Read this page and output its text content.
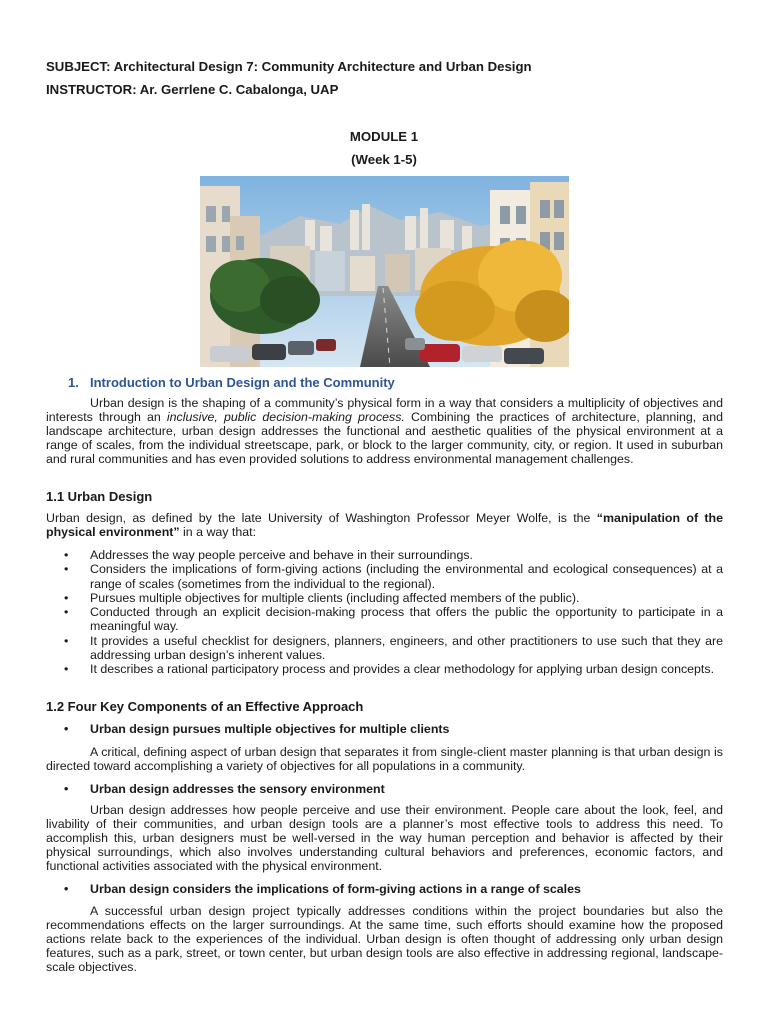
SUBJECT: Architectural Design 7: Community Architecture and Urban Design
INSTRUCTOR: Ar. Gerrlene C. Cabalonga, UAP
MODULE 1
(Week 1-5)
1. Introduction to Urban Design and the Community
Urban design is the shaping of a community’s physical form in a way that considers a multiplicity of objectives and interests through an inclusive, public decision-making process. Combining the practices of architecture, planning, and landscape architecture, urban design addresses the functional and aesthetic qualities of the physical environment at a range of scales, from the individual streetscape, park, or block to the larger community, city, or region. It used in suburban and rural communities and has even provided solutions to address environmental management challenges.
1.1 Urban Design
Urban design, as defined by the late University of Washington Professor Meyer Wolfe, is the “manipulation of the physical environment” in a way that:
• Addresses the way people perceive and behave in their surroundings.
• Considers the implications of form-giving actions (including the environmental and ecological consequences) at a range of scales (sometimes from the individual to the regional).
• Pursues multiple objectives for multiple clients (including affected members of the public).
• Conducted through an explicit decision-making process that offers the public the opportunity to participate in a meaningful way.
• It provides a useful checklist for designers, planners, engineers, and other practitioners to use such that they are addressing urban design’s inherent values.
• It describes a rational participatory process and provides a clear methodology for applying urban design concepts.
1.2 Four Key Components of an Effective Approach
• Urban design pursues multiple objectives for multiple clients
A critical, defining aspect of urban design that separates it from single-client master planning is that urban design is directed toward accomplishing a variety of objectives for all populations in a community.
• Urban design addresses the sensory environment
Urban design addresses how people perceive and use their environment. People care about the look, feel, and livability of their communities, and urban design tools are a planner’s most effective tools to address this need. To accomplish this, urban designers must be well-versed in the way human perception and behavior is affected by their physical surroundings, which also involves understanding cultural behaviors and preferences, economic factors, and functional activities associated with the physical environment.
• Urban design considers the implications of form-giving actions in a range of scales
A successful urban design project typically addresses conditions within the project boundaries but also the recommendations effects on the larger surroundings. At the same time, such efforts should examine how the proposed actions relate back to the experiences of the individual. Urban design is often thought of addressing only urban design features, such as a park, street, or town center, but urban design tools are also effective in addressing regional, landscape-scale objectives.
